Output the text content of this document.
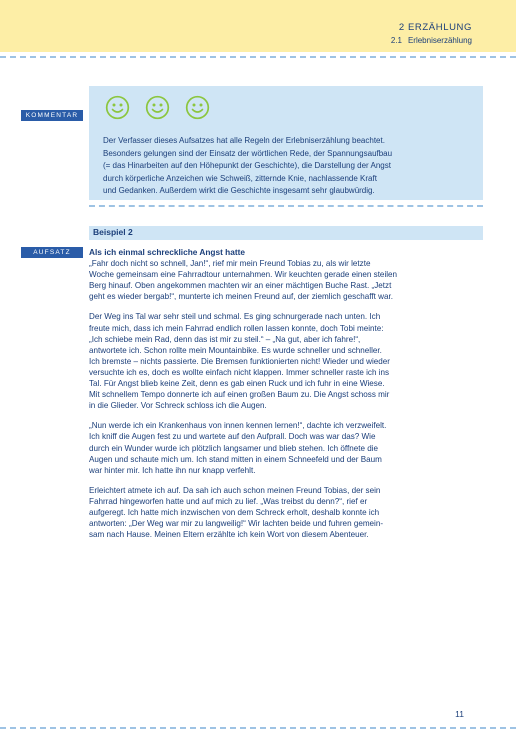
2 ERZÄHLUNG
2.1 Erlebniserzählung
KOMMENTAR
Der Verfasser dieses Aufsatzes hat alle Regeln der Erlebniserzählung beachtet.
Besonders gelungen sind der Einsatz der wörtlichen Rede, der Spannungsaufbau
(= das Hinarbeiten auf den Höhepunkt der Geschichte), die Darstellung der Angst
durch körperliche Anzeichen wie Schweiß, zitternde Knie, nachlassende Kraft
und Gedanken. Außerdem wirkt die Geschichte insgesamt sehr glaubwürdig.
Beispiel 2
AUFSATZ	Als ich einmal schreckliche Angst hatte

„Fahr doch nicht so schnell, Jan!“, rief mir mein Freund Tobias zu, als wir letzte
Woche gemeinsam eine Fahrradtour unternahmen. Wir keuchten gerade einen steilen
Berg hinauf. Oben angekommen machten wir an einer mächtigen Buche Rast. „Jetzt
geht es wieder bergab!“, munterte ich meinen Freund auf, der ziemlich geschafft war.

Der Weg ins Tal war sehr steil und schmal. Es ging schnurgerade nach unten. Ich
freute mich, dass ich mein Fahrrad endlich rollen lassen konnte, doch Tobi meinte:
„Ich schiebe mein Rad, denn das ist mir zu steil.“ – „Na gut, aber ich fahre!“,
antwortete ich. Schon rollte mein Mountainbike. Es wurde schneller und schneller.
Ich bremste – nichts passierte. Die Bremsen funktionierten nicht! Wieder und wieder
versuchte ich es, doch es wollte einfach nicht klappen. Immer schneller raste ich ins
Tal. Für Angst blieb keine Zeit, denn es gab einen Ruck und ich fuhr in eine Wiese.
Mit schnellem Tempo donnerte ich auf einen großen Baum zu. Die Angst schoss mir
in die Glieder. Vor Schreck schloss ich die Augen.

„Nun werde ich ein Krankenhaus von innen kennen lernen!“, dachte ich verzweifelt.
Ich kniff die Augen fest zu und wartete auf den Aufprall. Doch was war das? Wie
durch ein Wunder wurde ich plötzlich langsamer und blieb stehen. Ich öffnete die
Augen und schaute mich um. Ich stand mitten in einem Schneefeld und der Baum
war hinter mir. Ich hatte ihn nur knapp verfehlt.

Erleichtert atmete ich auf. Da sah ich auch schon meinen Freund Tobias, der sein
Fahrrad hingeworfen hatte und auf mich zu lief. „Was treibst du denn?“, rief er
aufgeregt. Ich hatte mich inzwischen von dem Schreck erholt, deshalb konnte ich
antworten: „Der Weg war mir zu langweilig!“ Wir lachten beide und fuhren gemein-
sam nach Hause. Meinen Eltern erzählte ich kein Wort von diesem Abenteuer.

11
